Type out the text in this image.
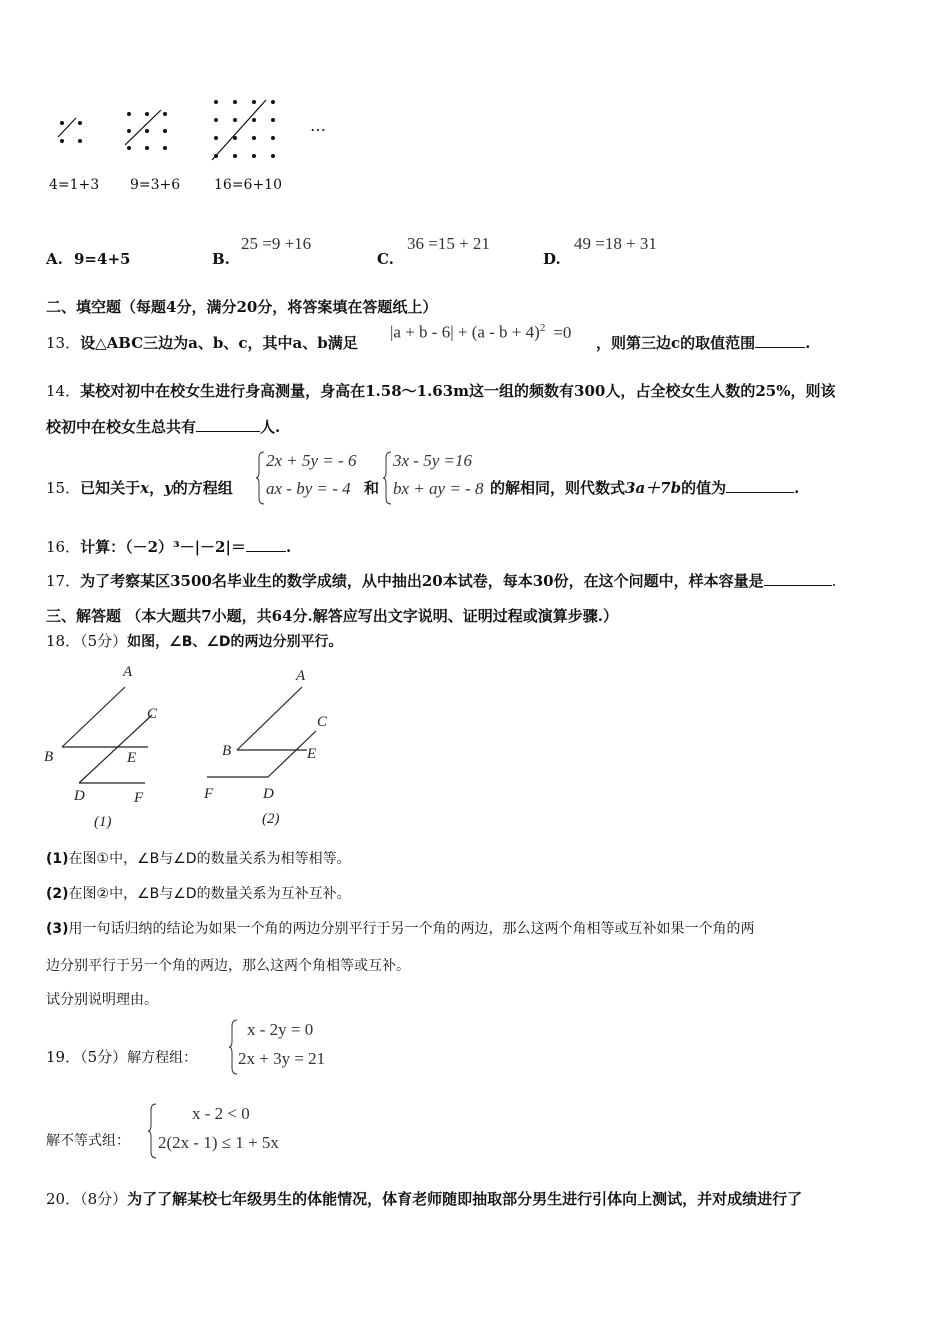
…
4=1+3 9=3+6 16=6+10
A. 9=4+5	B.
25 =9 +16
C.
36 =15 + 21
D.
49 =18 + 31
二、填空题（每题4分，满分20分，将答案填在答题纸上）
13．设△ABC三边为a、b、c，其中a、b满足
$|a + b - 6| + (a - b + 4)^2 =0$
，则第三边c的取值范围	.
14．某校对初中在校女生进行身高测量，身高在1.58～1.63m这一组的频数有300人，占全校女生人数的25%，则该
校初中在校女生总共有	人.
15．已知关于x，y的方程组
2x + 5y = - 6
ax - by = - 4 和
3x - 5y =16
bx + ay = - 8 的解相同，则代数式3a＋7b的值为	.
16．计算：（－2）³－|－2|＝	.
17．为了考察某区3500名毕业生的数学成绩，从中抽出20本试卷，每本30份，在这个问题中，样本容量是	.
三、解答题 （本大题共7小题，共64分.解答应写出文字说明、证明过程或演算步骤.）
18．（5分）如图，∠B、∠D的两边分别平行。
A
C
B	E
D	F
(1)
A
C
B	E
F	D
(2)
(1)在图①中，∠B与∠D的数量关系为相等相等。
(2)在图②中，∠B与∠D的数量关系为互补互补。
(3)用一句话归纳的结论为如果一个角的两边分别平行于另一个角的两边，那么这两个角相等或互补如果一个角的两
边分别平行于另一个角的两边，那么这两个角相等或互补。
试分别说明理由。
19．（5分）解方程组：
x - 2y = 0
2x + 3y = 21
解不等式组：
x - 2 < 0
2(2x - 1) ≤ 1 + 5x
20．（8分）为了了解某校七年级男生的体能情况，体育老师随即抽取部分男生进行引体向上测试，并对成绩进行了
